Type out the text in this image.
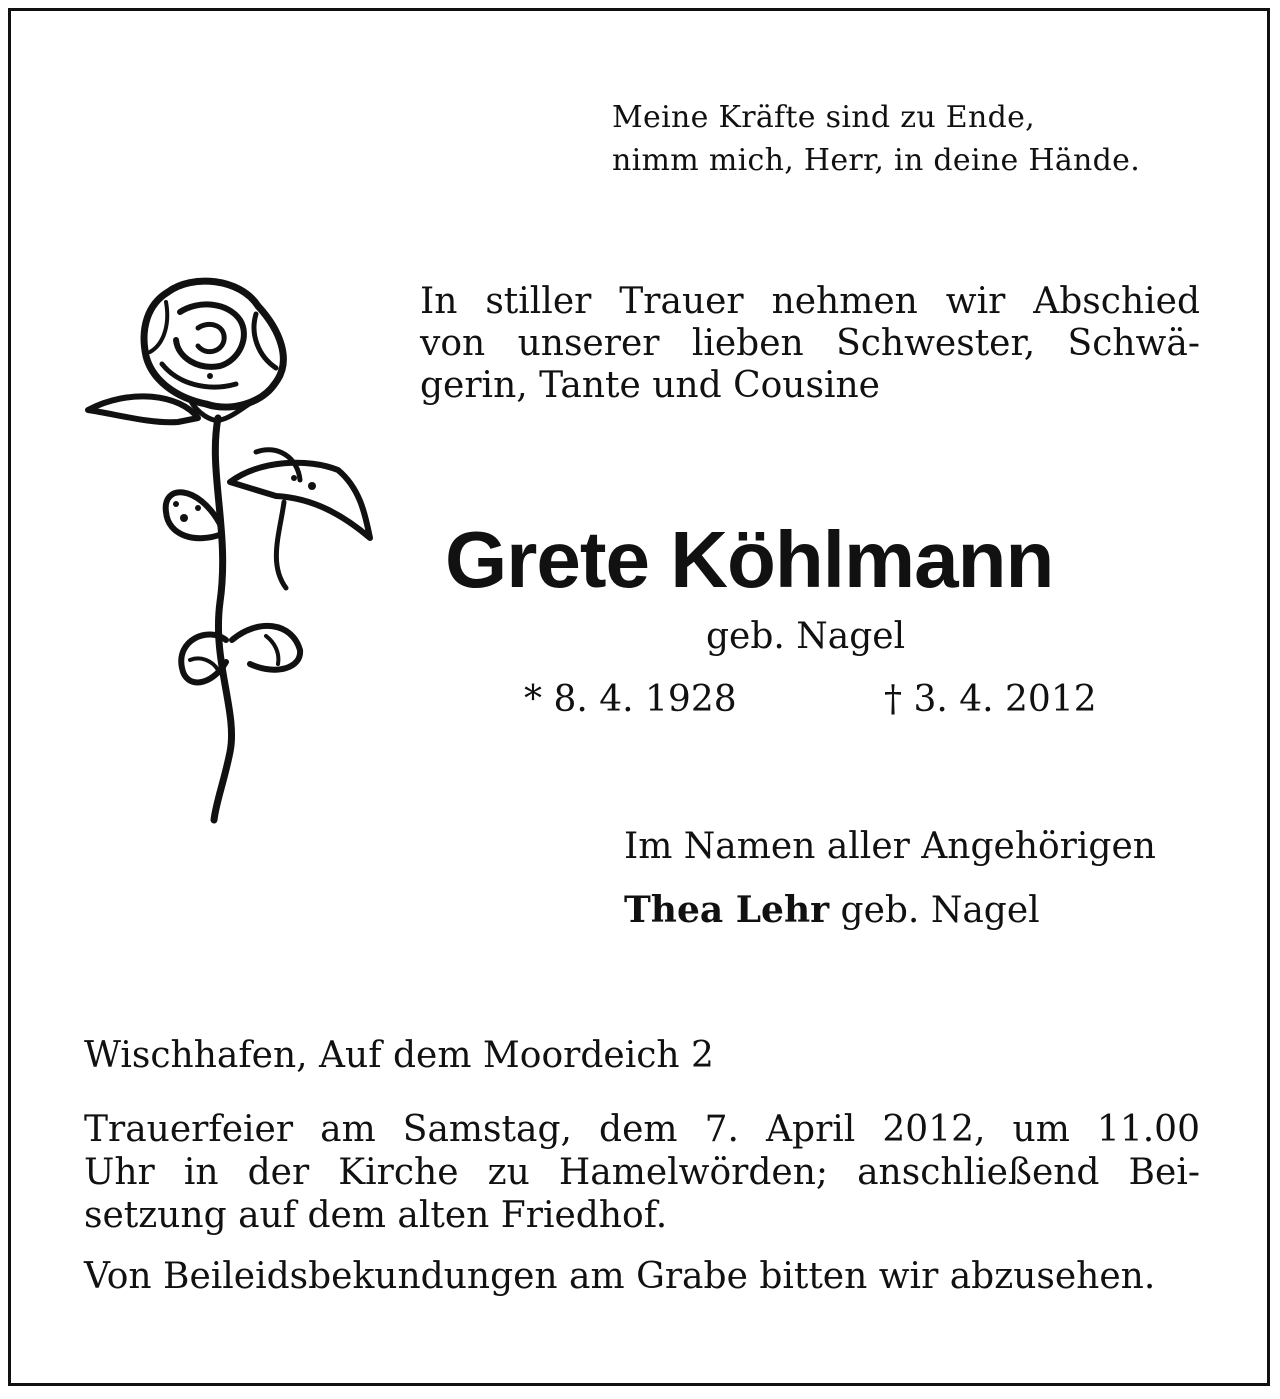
Meine Kräfte sind zu Ende,
nimm mich, Herr, in deine Hände.

In stiller Trauer nehmen wir Abschied
von unserer lieben Schwester, Schwä-
gerin, Tante und Cousine

Grete Köhlmann

geb. Nagel

* 8. 4. 1928	† 3. 4. 2012

Im Namen aller Angehörigen

Thea Lehr geb. Nagel

Wischhafen, Auf dem Moordeich 2

Trauerfeier am Samstag, dem 7. April 2012, um 11.00
Uhr in der Kirche zu Hamelwörden; anschließend Bei-
setzung auf dem alten Friedhof.

Von Beileidsbekundungen am Grabe bitten wir abzusehen.
